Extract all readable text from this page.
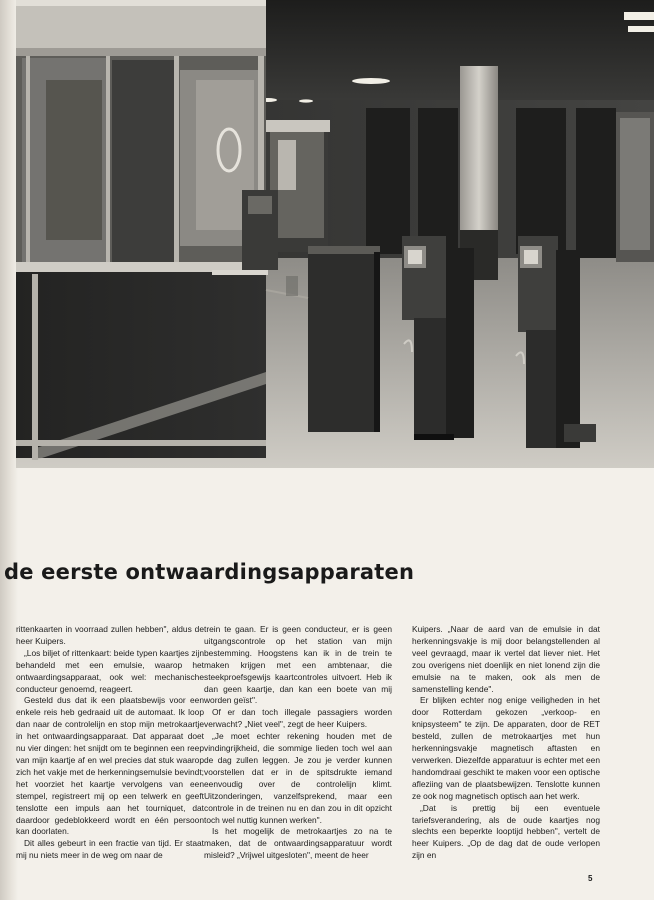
de eerste ontwaardingsapparaten

rittenkaarten in voorraad zullen hebben", aldus de heer Kuipers.

„Los biljet of rittenkaart: beide typen kaartjes zijn behandeld met een emulsie, waarop het ontwaardingsapparaat, ook wel: mechanische conducteur genoemd, reageert.

Gesteld dus dat ik een plaatsbewijs voor een enkele reis heb gedraaid uit de automaat. Ik loop dan naar de controlelijn en stop mijn metrokaartje in het ontwaardingsapparaat. Dat apparaat doet nu vier dingen: het snijdt om te beginnen een reep van mijn kaartje af en wel precies dat stuk waarop zich het vakje met de herkenningsemulsie bevindt; het voorziet het kaartje vervolgens van een stempel, registreert mij op een telwerk en geeft tenslotte een impuls aan het tourniquet, dat daardoor gedeblokkeerd wordt en één persoon kan doorlaten.

Dit alles gebeurt in een fractie van tijd. Er staat mij nu niets meer in de weg om naar de

trein te gaan. Er is geen conducteur, er is geen uitgangscontrole op het station van mijn bestemming. Hoogstens kan ik in de trein te maken krijgen met een ambtenaar, die steekproefsgewijs kaartcontroles uitvoert. Heb ik dan geen kaartje, dan kan een boete van mij worden geïst".

Of er dan toch illegale passagiers worden verwacht? „Niet veel", zegt de heer Kuipers.

„Je moet echter rekening houden met de vindingrijkheid, die sommige lieden toch wel aan de dag zullen leggen. Je zou je verder kunnen voorstellen dat er in de spitsdrukte iemand eenvoudig over de controlelijn klimt. Uitzonderingen, vanzelfsprekend, maar een controle in de treinen nu en dan zou in dit opzicht toch wel nuttig kunnen werken".

Is het mogelijk de metrokaartjes zo na te maken, dat de ontwaardingsapparatuur wordt misleid? „Vrijwel uitgesloten", meent de heer

Kuipers. „Naar de aard van de emulsie in dat herkenningsvakje is mij door belangstellenden al veel gevraagd, maar ik vertel dat liever niet. Het zou overigens niet doenlijk en niet lonend zijn die emulsie na te maken, ook als men de samenstelling kende".

Er blijken echter nog enige veiligheden in het door Rotterdam gekozen „verkoop- en knipsysteem" te zijn. De apparaten, door de RET besteld, zullen de metrokaartjes met hun herkenningsvakje magnetisch aftasten en verwerken. Diezelfde apparatuur is echter met een handomdraai geschikt te maken voor een optische afleziing van de plaatsbewijzen. Tenslotte kunnen ze ook nog magnetisch optisch aan het werk.

„Dat is prettig bij een eventuele tariefsverandering, als de oude kaartjes nog slechts een beperkte looptijd hebben", vertelt de heer Kuipers. „Op de dag dat de oude verlopen zijn en

5
